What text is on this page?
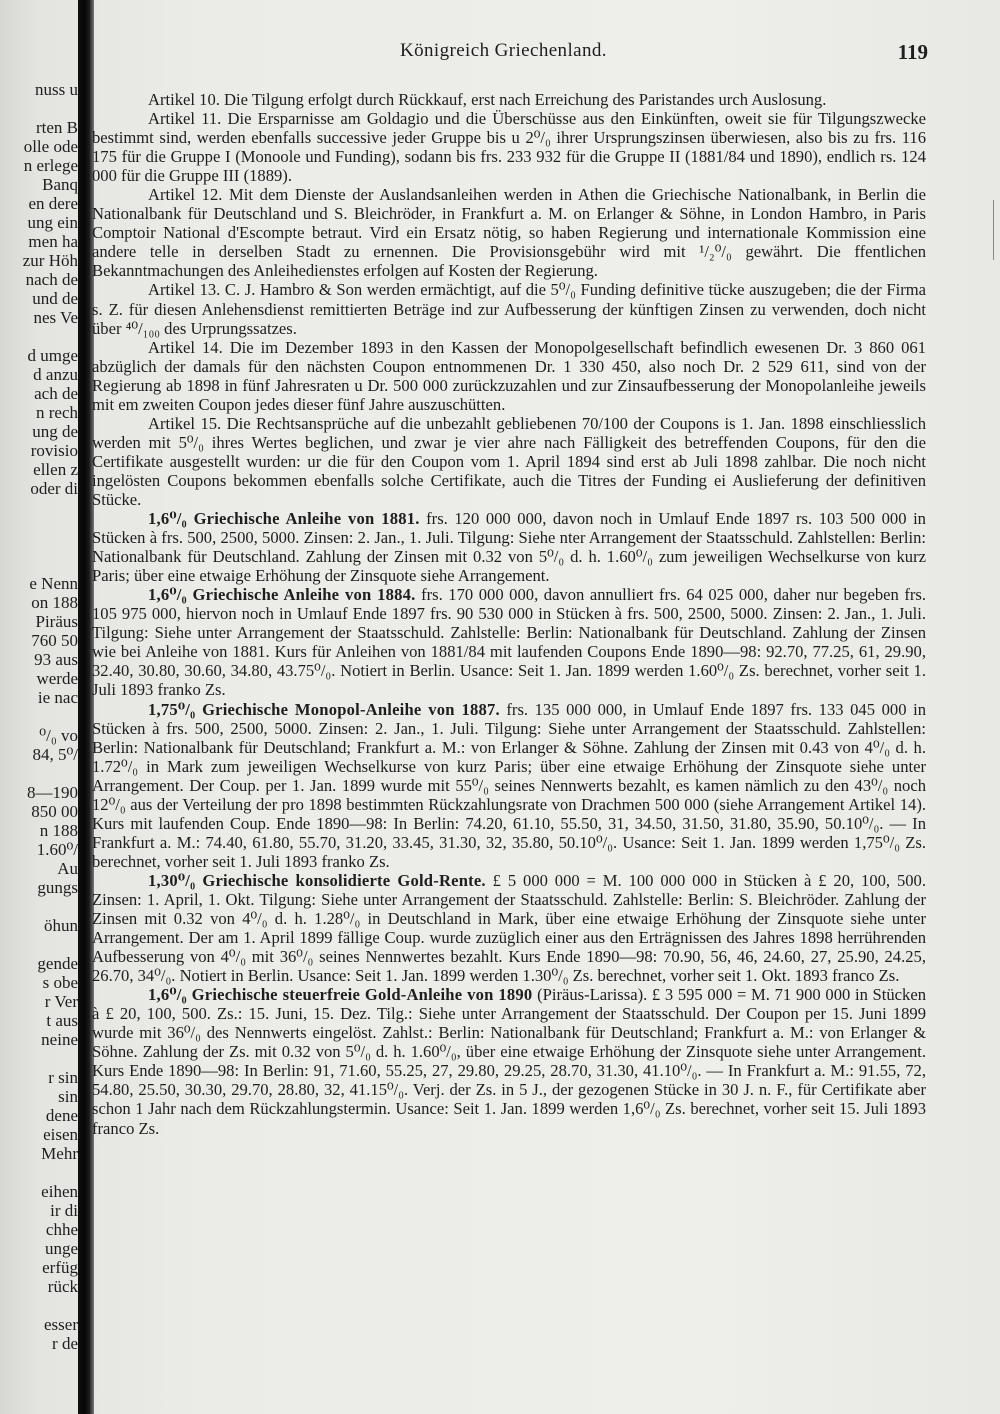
nuss u
rten B
olle ode
n erlege
Banq
en dere
ung ein
men ha
zur Höh
nach de
und de
nes Ve
d umge
d anzu
ach de
n rech
ung de
rovisio
ellen z
oder di
e Nenn
on 188
Piräus
760 50
93 aus
werde
ie nac
⁰/₀ vo
84, 5⁰/
8—190
850 00
n 188
1.60⁰/
Au
gungs
öhun
gende
s obe
r Ver
t aus
neine
r sin
sin
dene
eisen
Mehr
eihen
ir di
chhe
unge
erfüg
rück
esser
r de
Königreich Griechenland.	119

Artikel 10. Die Tilgung erfolgt durch Rückkauf, erst nach Erreichung des Paristandes urch Auslosung.

Artikel 11. Die Ersparnisse am Goldagio und die Überschüsse aus den Einkünften, oweit sie für Tilgungszwecke bestimmt sind, werden ebenfalls successive jeder Gruppe bis u 2⁰/₀ ihrer Ursprungszinsen überwiesen, also bis zu frs. 116 175 für die Gruppe I (Monoole und Funding), sodann bis frs. 233 932 für die Gruppe II (1881/84 und 1890), endlich rs. 124 000 für die Gruppe III (1889).

Artikel 12. Mit dem Dienste der Auslandsanleihen werden in Athen die Griechische Nationalbank, in Berlin die Nationalbank für Deutschland und S. Bleichröder, in Frankfurt a. M. on Erlanger & Söhne, in London Hambro, in Paris Comptoir National d'Escompte betraut. Vird ein Ersatz nötig, so haben Regierung und internationale Kommission eine andere telle in derselben Stadt zu ernennen. Die Provisionsgebühr wird mit ¹/₂⁰/₀ gewährt. Die ffentlichen Bekanntmachungen des Anleihedienstes erfolgen auf Kosten der Regierung.

Artikel 13. C. J. Hambro & Son werden ermächtigt, auf die 5⁰/₀ Funding definitive tücke auszugeben; die der Firma s. Z. für diesen Anlehensdienst remittierten Beträge ind zur Aufbesserung der künftigen Zinsen zu verwenden, doch nicht über ⁴⁰/₁₀₀ des Urprungssatzes.

Artikel 14. Die im Dezember 1893 in den Kassen der Monopolgesellschaft befindlich ewesenen Dr. 3 860 061 abzüglich der damals für den nächsten Coupon entnommenen Dr. 1 330 450, also noch Dr. 2 529 611, sind von der Regierung ab 1898 in fünf Jahresraten u Dr. 500 000 zurückzuzahlen und zur Zinsaufbesserung der Monopolanleihe jeweils mit em zweiten Coupon jedes dieser fünf Jahre auszuschütten.

Artikel 15. Die Rechtsansprüche auf die unbezahlt gebliebenen 70/100 der Coupons is 1. Jan. 1898 einschliesslich werden mit 5⁰/₀ ihres Wertes beglichen, und zwar je vier ahre nach Fälligkeit des betreffenden Coupons, für den die Certifikate ausgestellt wurden: ur die für den Coupon vom 1. April 1894 sind erst ab Juli 1898 zahlbar. Die noch nicht ingelösten Coupons bekommen ebenfalls solche Certifikate, auch die Titres der Funding ei Auslieferung der definitiven Stücke.

1,6⁰/₀ Griechische Anleihe von 1881. frs. 120 000 000, davon noch in Umlauf Ende 1897 rs. 103 500 000 in Stücken à frs. 500, 2500, 5000. Zinsen: 2. Jan., 1. Juli. Tilgung: Siehe nter Arrangement der Staatsschuld. Zahlstellen: Berlin: Nationalbank für Deutschland. Zahlung der Zinsen mit 0.32 von 5⁰/₀ d. h. 1.60⁰/₀ zum jeweiligen Wechselkurse von kurz Paris; über eine etwaige Erhöhung der Zinsquote siehe Arrangement.

1,6⁰/₀ Griechische Anleihe von 1884. frs. 170 000 000, davon annulliert frs. 64 025 000, daher nur begeben frs. 105 975 000, hiervon noch in Umlauf Ende 1897 frs. 90 530 000 in Stücken à frs. 500, 2500, 5000. Zinsen: 2. Jan., 1. Juli. Tilgung: Siehe unter Arrangement der Staatsschuld. Zahlstelle: Berlin: Nationalbank für Deutschland. Zahlung der Zinsen wie bei Anleihe von 1881. Kurs für Anleihen von 1881/84 mit laufenden Coupons Ende 1890—98: 92.70, 77.25, 61, 29.90, 32.40, 30.80, 30.60, 34.80, 43.75⁰/₀. Notiert in Berlin. Usance: Seit 1. Jan. 1899 werden 1.60⁰/₀ Zs. berechnet, vorher seit 1. Juli 1893 franko Zs.

1,75⁰/₀ Griechische Monopol-Anleihe von 1887. frs. 135 000 000, in Umlauf Ende 1897 frs. 133 045 000 in Stücken à frs. 500, 2500, 5000. Zinsen: 2. Jan., 1. Juli. Tilgung: Siehe unter Arrangement der Staatsschuld. Zahlstellen: Berlin: Nationalbank für Deutschland; Frankfurt a. M.: von Erlanger & Söhne. Zahlung der Zinsen mit 0.43 von 4⁰/₀ d. h. 1.72⁰/₀ in Mark zum jeweiligen Wechselkurse von kurz Paris; über eine etwaige Erhöhung der Zinsquote siehe unter Arrangement. Der Coup. per 1. Jan. 1899 wurde mit 55⁰/₀ seines Nennwerts bezahlt, es kamen nämlich zu den 43⁰/₀ noch 12⁰/₀ aus der Verteilung der pro 1898 bestimmten Rückzahlungsrate von Drachmen 500 000 (siehe Arrangement Artikel 14). Kurs mit laufenden Coup. Ende 1890—98: In Berlin: 74.20, 61.10, 55.50, 31, 34.50, 31.50, 31.80, 35.90, 50.10⁰/₀. — In Frankfurt a. M.: 74.40, 61.80, 55.70, 31.20, 33.45, 31.30, 32, 35.80, 50.10⁰/₀. Usance: Seit 1. Jan. 1899 werden 1,75⁰/₀ Zs. berechnet, vorher seit 1. Juli 1893 franko Zs.

1,30⁰/₀ Griechische konsolidierte Gold-Rente. £ 5 000 000 = M. 100 000 000 in Stücken à £ 20, 100, 500. Zinsen: 1. April, 1. Okt. Tilgung: Siehe unter Arrangement der Staatsschuld. Zahlstelle: Berlin: S. Bleichröder. Zahlung der Zinsen mit 0.32 von 4⁰/₀ d. h. 1.28⁰/₀ in Deutschland in Mark, über eine etwaige Erhöhung der Zinsquote siehe unter Arrangement. Der am 1. April 1899 fällige Coup. wurde zuzüglich einer aus den Erträgnissen des Jahres 1898 herrührenden Aufbesserung von 4⁰/₀ mit 36⁰/₀ seines Nennwertes bezahlt. Kurs Ende 1890—98: 70.90, 56, 46, 24.60, 27, 25.90, 24.25, 26.70, 34⁰/₀. Notiert in Berlin. Usance: Seit 1. Jan. 1899 werden 1.30⁰/₀ Zs. berechnet, vorher seit 1. Okt. 1893 franco Zs.

1,6⁰/₀ Griechische steuerfreie Gold-Anleihe von 1890 (Piräus-Larissa). £ 3 595 000 = M. 71 900 000 in Stücken à £ 20, 100, 500. Zs.: 15. Juni, 15. Dez. Tilg.: Siehe unter Arrangement der Staatsschuld. Der Coupon per 15. Juni 1899 wurde mit 36⁰/₀ des Nennwerts eingelöst. Zahlst.: Berlin: Nationalbank für Deutschland; Frankfurt a. M.: von Erlanger & Söhne. Zahlung der Zs. mit 0.32 von 5⁰/₀ d. h. 1.60⁰/₀, über eine etwaige Erhöhung der Zinsquote siehe unter Arrangement. Kurs Ende 1890—98: In Berlin: 91, 71.60, 55.25, 27, 29.80, 29.25, 28.70, 31.30, 41.10⁰/₀. — In Frankfurt a. M.: 91.55, 72, 54.80, 25.50, 30.30, 29.70, 28.80, 32, 41.15⁰/₀. Verj. der Zs. in 5 J., der gezogenen Stücke in 30 J. n. F., für Certifikate aber schon 1 Jahr nach dem Rückzahlungstermin. Usance: Seit 1. Jan. 1899 werden 1,6⁰/₀ Zs. berechnet, vorher seit 15. Juli 1893 franco Zs.
